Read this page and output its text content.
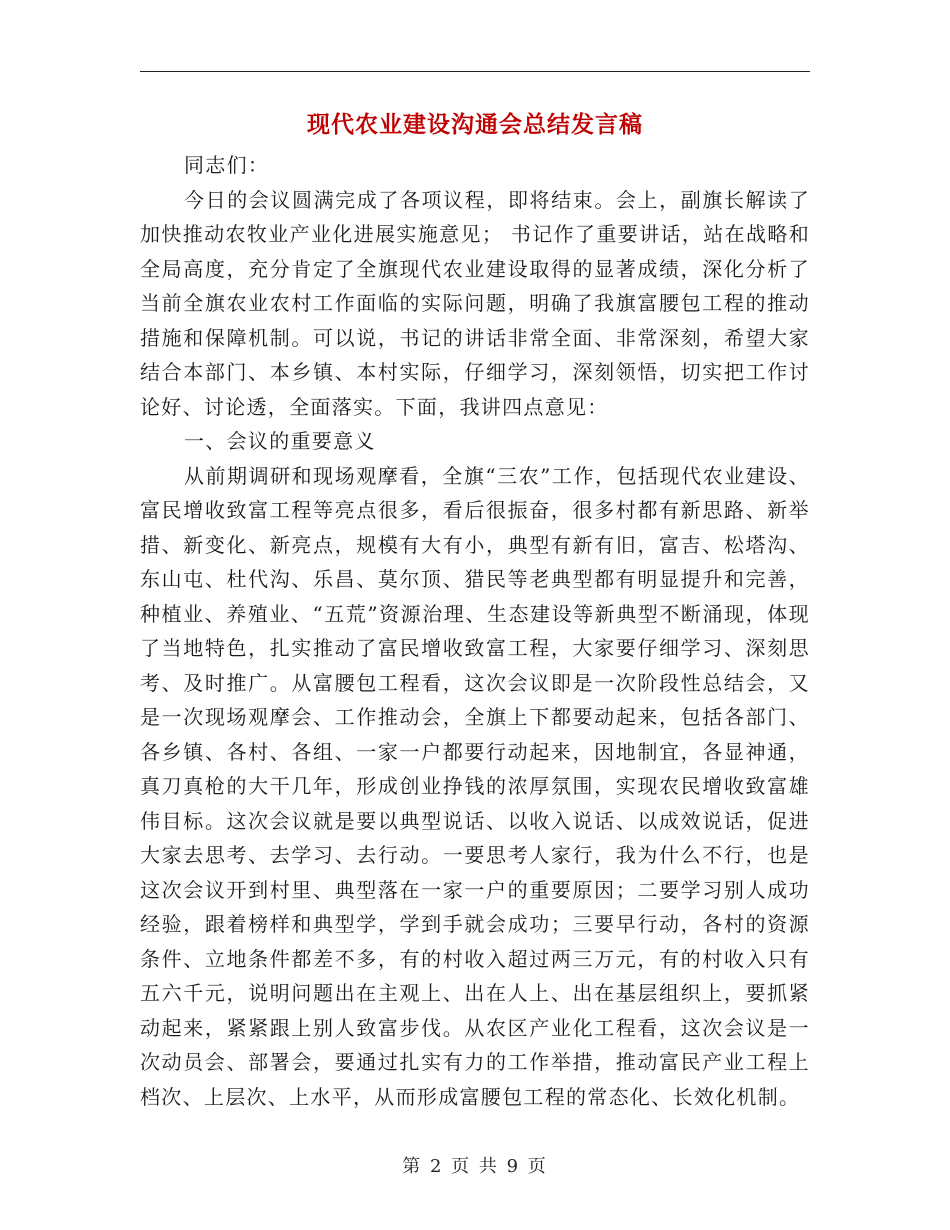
现代农业建设沟通会总结发言稿

同志们：

今日的会议圆满完成了各项议程，即将结束。会上，副旗长解读了加快推动农牧业产业化进展实施意见； 书记作了重要讲话，站在战略和全局高度，充分肯定了全旗现代农业建设取得的显著成绩，深化分析了当前全旗农业农村工作面临的实际问题，明确了我旗富腰包工程的推动措施和保障机制。可以说，书记的讲话非常全面、非常深刻，希望大家结合本部门、本乡镇、本村实际，仔细学习，深刻领悟，切实把工作讨论好、讨论透，全面落实。下面，我讲四点意见：

一、会议的重要意义

从前期调研和现场观摩看，全旗“三农”工作，包括现代农业建设、富民增收致富工程等亮点很多，看后很振奋，很多村都有新思路、新举措、新变化、新亮点，规模有大有小，典型有新有旧，富吉、松塔沟、东山屯、杜代沟、乐昌、莫尔顶、猎民等老典型都有明显提升和完善，种植业、养殖业、“五荒”资源治理、生态建设等新典型不断涌现，体现了当地特色，扎实推动了富民增收致富工程，大家要仔细学习、深刻思考、及时推广。从富腰包工程看，这次会议即是一次阶段性总结会，又是一次现场观摩会、工作推动会，全旗上下都要动起来，包括各部门、各乡镇、各村、各组、一家一户都要行动起来，因地制宜，各显神通，真刀真枪的大干几年，形成创业挣钱的浓厚氛围，实现农民增收致富雄伟目标。这次会议就是要以典型说话、以收入说话、以成效说话，促进大家去思考、去学习、去行动。一要思考人家行，我为什么不行，也是这次会议开到村里、典型落在一家一户的重要原因；二要学习别人成功经验，跟着榜样和典型学，学到手就会成功；三要早行动，各村的资源条件、立地条件都差不多，有的村收入超过两三万元，有的村收入只有五六千元，说明问题出在主观上、出在人上、出在基层组织上，要抓紧动起来，紧紧跟上别人致富步伐。从农区产业化工程看，这次会议是一次动员会、部署会，要通过扎实有力的工作举措，推动富民产业工程上档次、上层次、上水平，从而形成富腰包工程的常态化、长效化机制。

第 2 页 共 9 页
